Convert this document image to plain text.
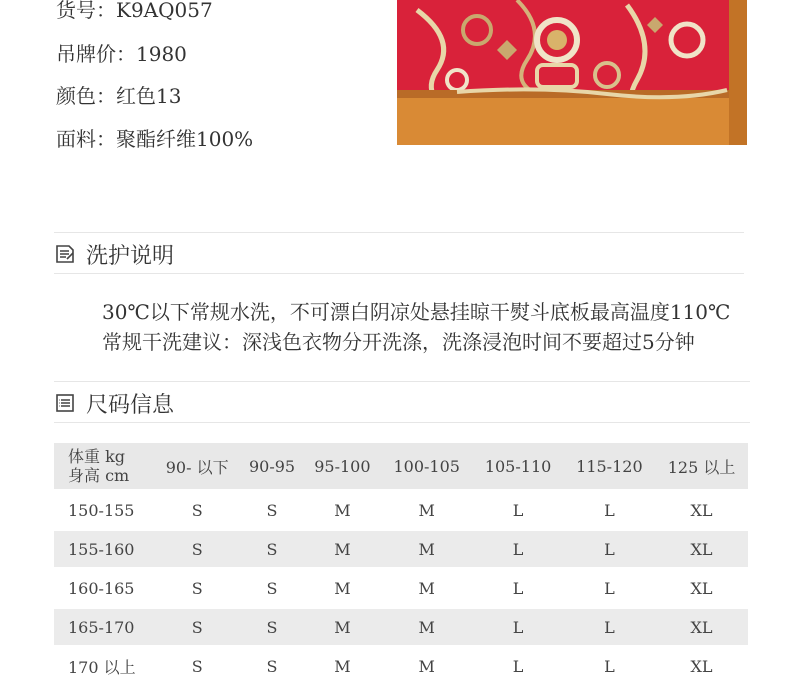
货号：K9AQ057
吊牌价：1980
颜色：红色13
面料：聚酯纤维100%
洗护说明
30℃以下常规水洗，不可漂白阴凉处悬挂晾干熨斗底板最高温度110℃
常规干洗建议：深浅色衣物分开洗涤，洗涤浸泡时间不要超过5分钟
尺码信息
体重 kg
身高 cm	90- 以下	90-95	95-100	100-105	105-110	115-120	125 以上
150-155	S	S	M	M	L	L	XL
155-160	S	S	M	M	L	L	XL
160-165	S	S	M	M	L	L	XL
165-170	S	S	M	M	L	L	XL
170 以上	S	S	M	M	L	L	XL
